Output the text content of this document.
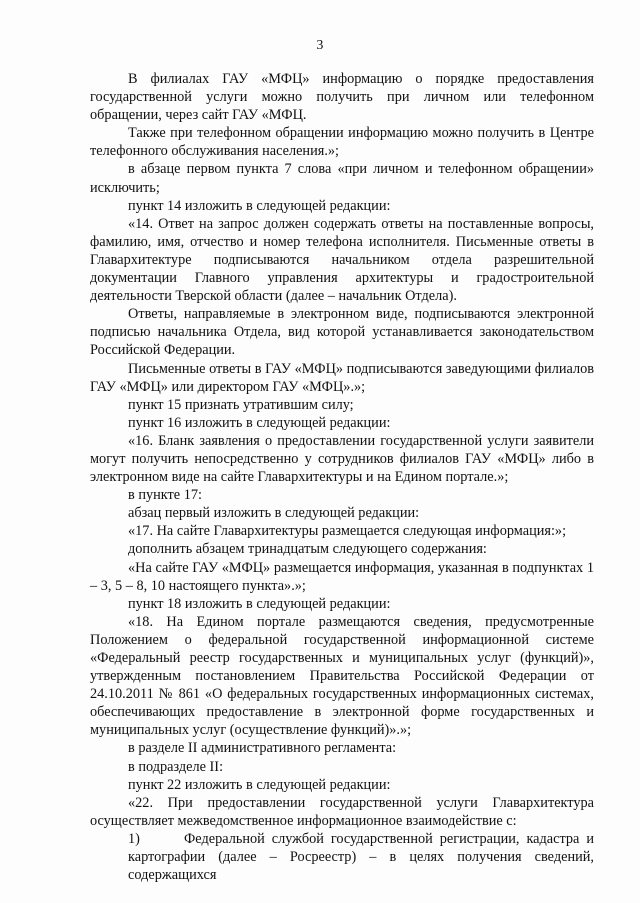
3

В филиалах ГАУ «МФЦ» информацию о порядке предоставления государственной услуги можно получить при личном или телефонном обращении, через сайт ГАУ «МФЦ.

Также при телефонном обращении информацию можно получить в Центре телефонного обслуживания населения.»;

в абзаце первом пункта 7 слова «при личном и телефонном обращении» исключить;

пункт 14 изложить в следующей редакции:

«14. Ответ на запрос должен содержать ответы на поставленные вопросы, фамилию, имя, отчество и номер телефона исполнителя. Письменные ответы в Главархитектуре подписываются начальником отдела разрешительной документации Главного управления архитектуры и градостроительной деятельности Тверской области (далее – начальник Отдела).

Ответы, направляемые в электронном виде, подписываются электронной подписью начальника Отдела, вид которой устанавливается законодательством Российской Федерации.

Письменные ответы в ГАУ «МФЦ» подписываются заведующими филиалов ГАУ «МФЦ» или директором ГАУ «МФЦ».»;

пункт 15 признать утратившим силу;

пункт 16 изложить в следующей редакции:

«16. Бланк заявления о предоставлении государственной услуги заявители могут получить непосредственно у сотрудников филиалов ГАУ «МФЦ» либо в электронном виде на сайте Главархитектуры и на Едином портале.»;

в пункте 17:

абзац первый изложить в следующей редакции:

«17. На сайте Главархитектуры размещается следующая информация:»;

дополнить абзацем тринадцатым следующего содержания:

«На сайте ГАУ «МФЦ» размещается информация, указанная в подпунктах 1 – 3, 5 – 8, 10 настоящего пункта».»;

пункт 18 изложить в следующей редакции:

«18. На Едином портале размещаются сведения, предусмотренные Положением о федеральной государственной информационной системе «Федеральный реестр государственных и муниципальных услуг (функций)», утвержденным постановлением Правительства Российской Федерации от 24.10.2011 № 861 «О федеральных государственных информационных системах, обеспечивающих предоставление в электронной форме государственных и муниципальных услуг (осуществление функций)».»;

в разделе II административного регламента:

в подразделе II:

пункт 22 изложить в следующей редакции:

«22. При предоставлении государственной услуги Главархитектура осуществляет межведомственное информационное взаимодействие с:

1)	Федеральной службой государственной регистрации, кадастра и картографии (далее – Росреестр) – в целях получения сведений, содержащихся
